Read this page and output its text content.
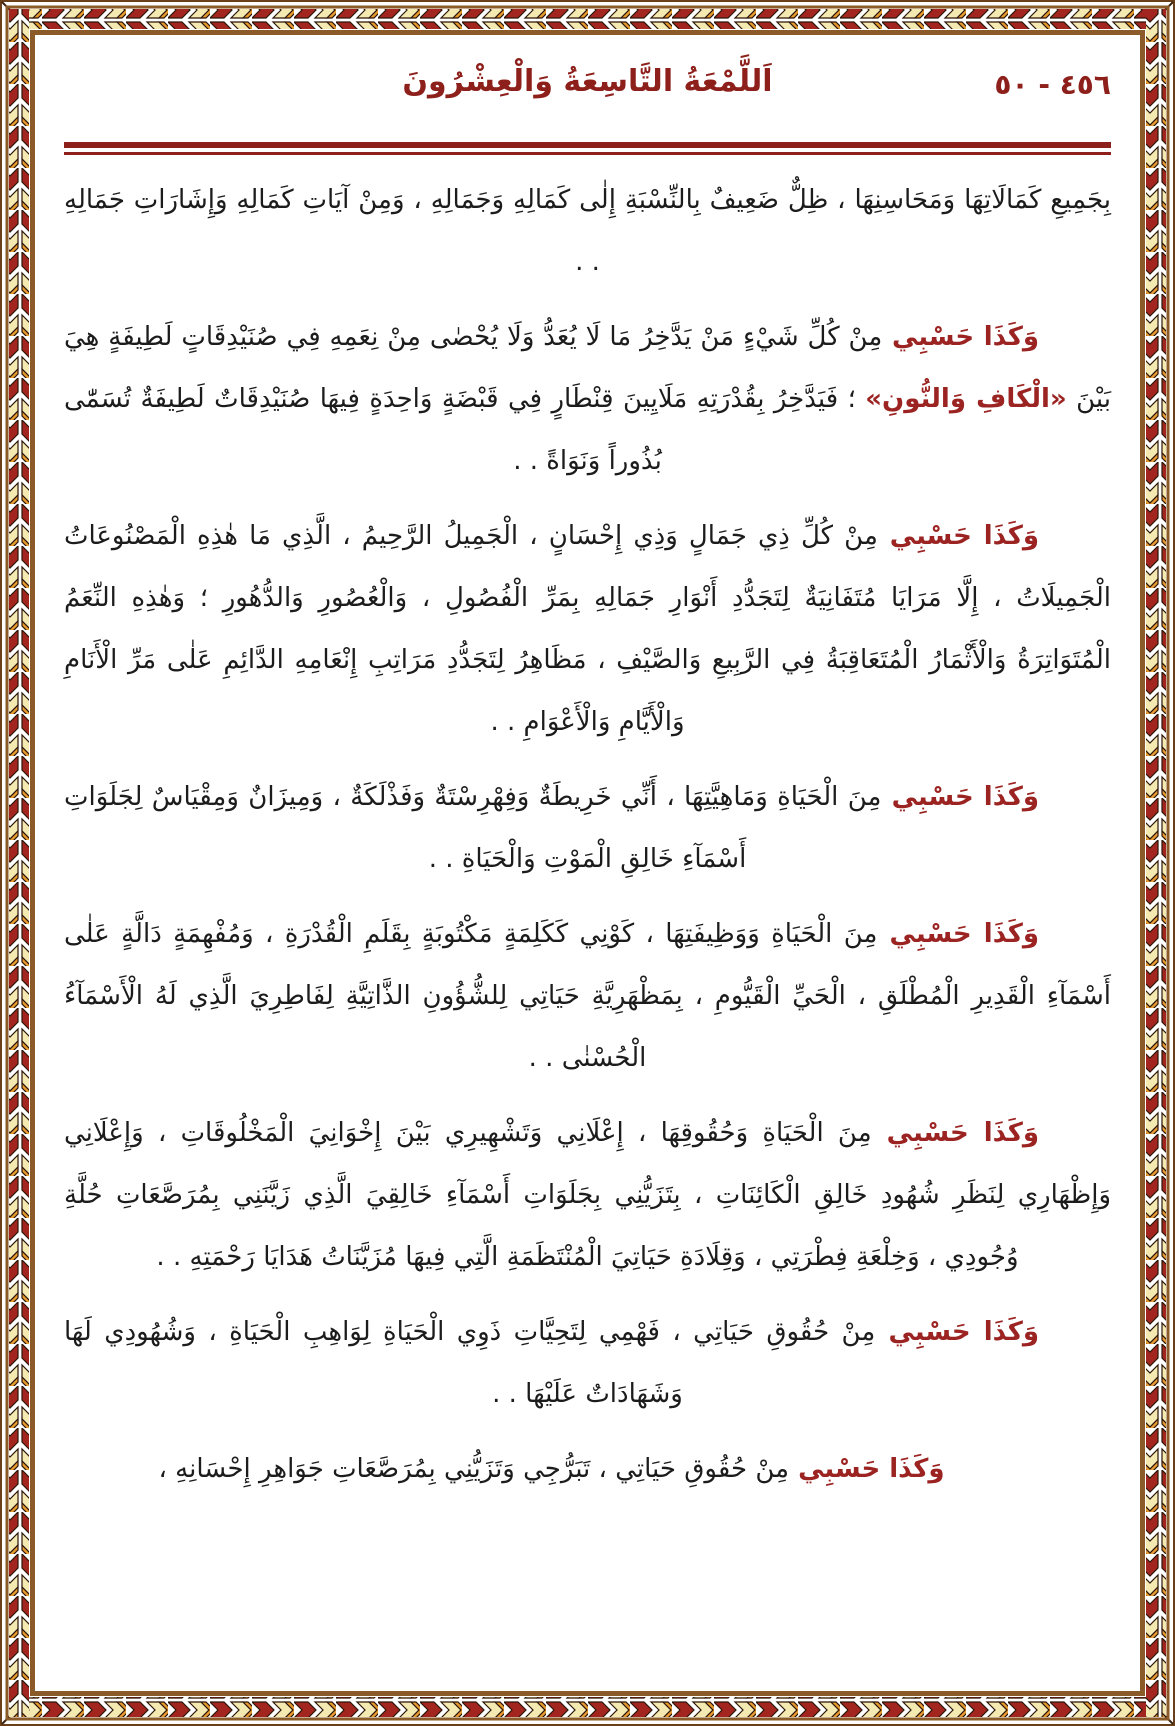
٤٥٦ - ٥٠
اَللَّمْعَةُ التَّاسِعَةُ وَالْعِشْرُونَ

بِجَمِيعِ كَمَالَاتِهَا وَمَحَاسِنِهَا ، ظِلٌّ ضَعِيفٌ بِالنِّسْبَةِ إِلٰى كَمَالِهِ وَجَمَالِهِ ، وَمِنْ آيَاتِ كَمَالِهِ وَإِشَارَاتِ جَمَالِهِ . .

وَكَذَا حَسْبِي مِنْ كُلِّ شَيْءٍ مَنْ يَدَّخِرُ مَا لَا يُعَدُّ وَلَا يُحْصٰى مِنْ نِعَمِهِ فِي صُنَيْدِقَاتٍ لَطِيفَةٍ هِيَ بَيْنَ «الْكَافِ وَالنُّونِ» ؛ فَيَدَّخِرُ بِقُدْرَتِهِ مَلَايِينَ قِنْطَارٍ فِي قَبْضَةٍ وَاحِدَةٍ فِيهَا صُنَيْدِقَاتٌ لَطِيفَةٌ تُسَمّٰى بُذُوراً وَنَوَاةً . .

وَكَذَا حَسْبِي مِنْ كُلِّ ذِي جَمَالٍ وَذِي إِحْسَانٍ ، الْجَمِيلُ الرَّحِيمُ ، الَّذِي مَا هٰذِهِ الْمَصْنُوعَاتُ الْجَمِيلَاتُ ، إِلَّا مَرَايَا مُتَفَانِيَةٌ لِتَجَدُّدِ أَنْوَارِ جَمَالِهِ بِمَرِّ الْفُصُولِ ، وَالْعُصُورِ وَالدُّهُورِ ؛ وَهٰذِهِ النِّعَمُ الْمُتَوَاتِرَةُ وَالْأَثْمَارُ الْمُتَعَاقِبَةُ فِي الرَّبِيعِ وَالصَّيْفِ ، مَظَاهِرُ لِتَجَدُّدِ مَرَاتِبِ إِنْعَامِهِ الدَّائِمِ عَلٰى مَرِّ الْأَنَامِ وَالْأَيَّامِ وَالْأَعْوَامِ . .

وَكَذَا حَسْبِي مِنَ الْحَيَاةِ وَمَاهِيَّتِهَا ، أَنِّي خَرِيطَةٌ وَفِهْرِسْتَةٌ وَفَذْلَكَةٌ ، وَمِيزَانٌ وَمِقْيَاسٌ لِجَلَوَاتِ أَسْمَآءِ خَالِقِ الْمَوْتِ وَالْحَيَاةِ . .

وَكَذَا حَسْبِي مِنَ الْحَيَاةِ وَوَظِيفَتِهَا ، كَوْنِي كَكَلِمَةٍ مَكْتُوبَةٍ بِقَلَمِ الْقُدْرَةِ ، وَمُفْهِمَةٍ دَالَّةٍ عَلٰى أَسْمَآءِ الْقَدِيرِ الْمُطْلَقِ ، الْحَيِّ الْقَيُّومِ ، بِمَظْهَرِيَّةِ حَيَاتِي لِلشُّؤُونِ الذَّاتِيَّةِ لِفَاطِرِيَ الَّذِي لَهُ الْأَسْمَآءُ الْحُسْنٰى . .

وَكَذَا حَسْبِي مِنَ الْحَيَاةِ وَحُقُوقِهَا ، إِعْلَانِي وَتَشْهِيرِي بَيْنَ إِخْوَانِيَ الْمَخْلُوقَاتِ ، وَإِعْلَانِي وَإِظْهَارِي لِنَظَرِ شُهُودِ خَالِقِ الْكَائِنَاتِ ، بِتَزَيُّنِي بِجَلَوَاتِ أَسْمَآءِ خَالِقِيَ الَّذِي زَيَّنَنِي بِمُرَصَّعَاتِ حُلَّةِ وُجُودِي ، وَخِلْعَةِ فِطْرَتِي ، وَقِلَادَةِ حَيَاتِيَ الْمُنْتَظَمَةِ الَّتِي فِيهَا مُزَيَّنَاتُ هَدَايَا رَحْمَتِهِ . .

وَكَذَا حَسْبِي مِنْ حُقُوقِ حَيَاتِي ، فَهْمِي لِتَحِيَّاتِ ذَوِي الْحَيَاةِ لِوَاهِبِ الْحَيَاةِ ، وَشُهُودِي لَهَا وَشَهَادَاتٌ عَلَيْهَا . .

وَكَذَا حَسْبِي مِنْ حُقُوقِ حَيَاتِي ، تَبَرُّجِي وَتَزَيُّنِي بِمُرَصَّعَاتِ جَوَاهِرِ إِحْسَانِهِ ،
